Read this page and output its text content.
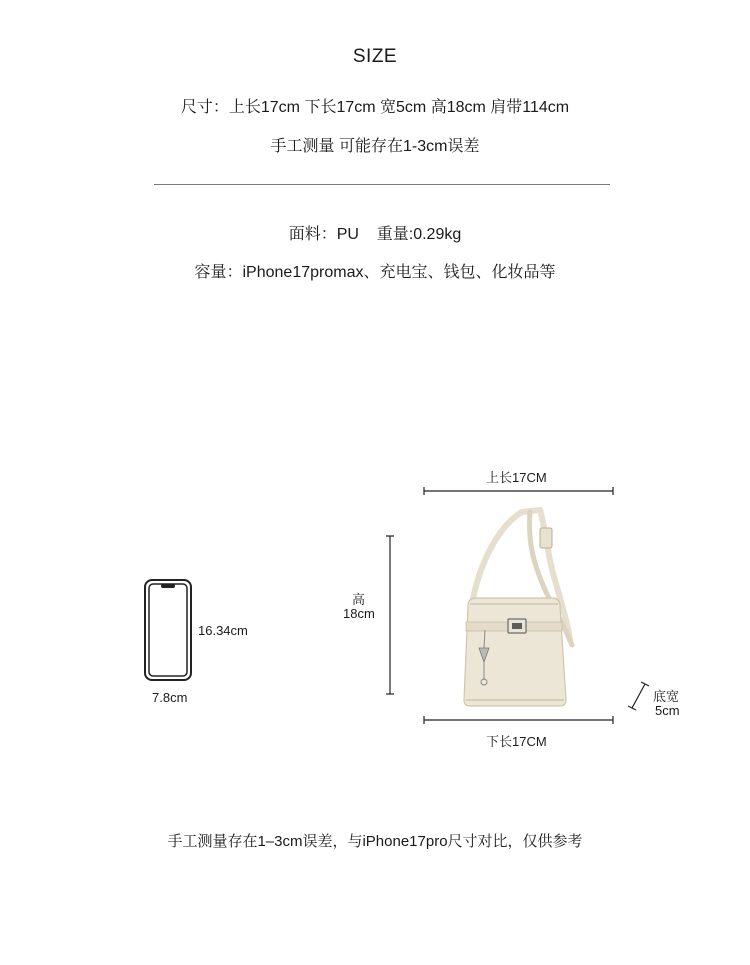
SIZE
尺寸：上长17cm 下长17cm 宽5cm 高18cm 肩带114cm
手工测量 可能存在1-3cm误差
面料：PU    重量:0.29kg
容量：iPhone17promax、充电宝、钱包、化妆品等
16.34cm
7.8cm
上长17CM
高
18cm
下长17CM
底宽
5cm
手工测量存在1–3cm误差，与iPhone17pro尺寸对比，仅供参考
